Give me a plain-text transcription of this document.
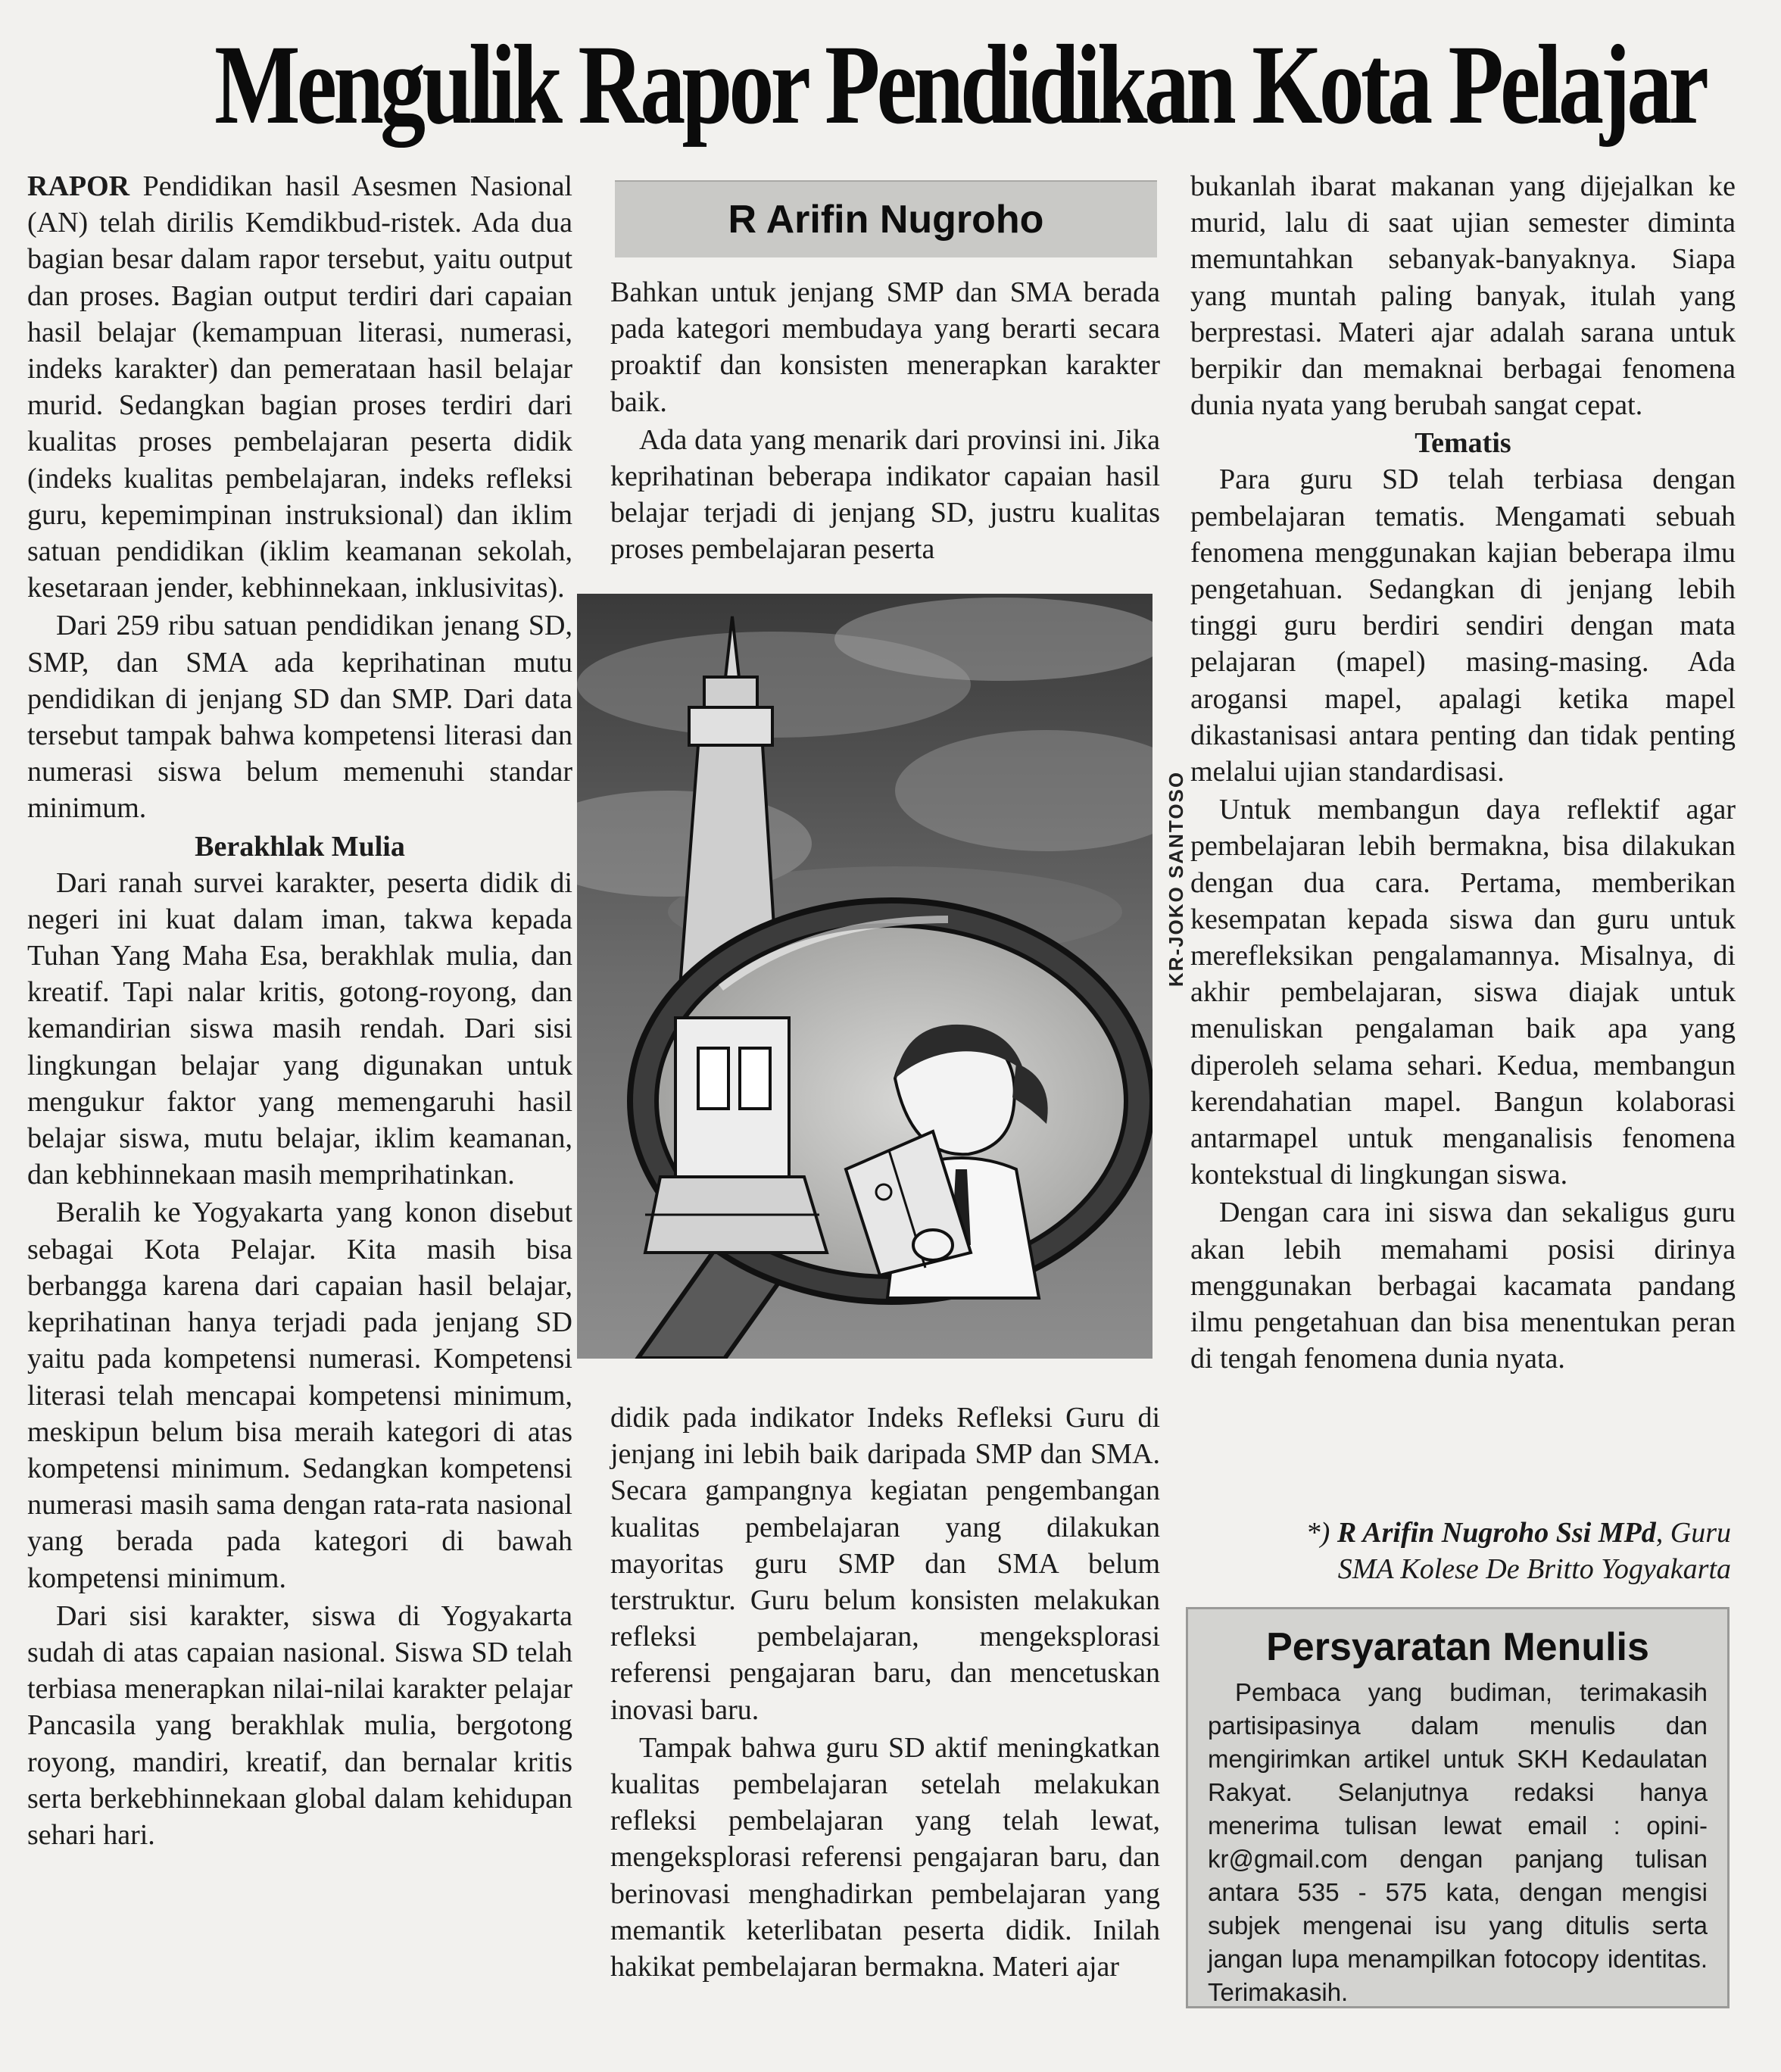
Mengulik Rapor Pendidikan Kota Pelajar

RAPOR Pendidikan hasil Asesmen Nasional (AN) telah dirilis Kemdikbud-ristek. Ada dua bagian besar dalam rapor tersebut, yaitu output dan proses. Bagian output terdiri dari capaian hasil belajar (kemampuan literasi, numerasi, indeks karakter) dan pemerataan hasil belajar murid. Sedangkan bagian proses terdiri dari kualitas proses pembelajaran peserta didik (indeks kualitas pembelajaran, indeks refleksi guru, kepemimpinan instruksional) dan iklim satuan pendidikan (iklim keamanan sekolah, kesetaraan jender, kebhinnekaan, inklusivitas).

Dari 259 ribu satuan pendidikan jenang SD, SMP, dan SMA ada keprihatinan mutu pendidikan di jenjang SD dan SMP. Dari data tersebut tampak bahwa kompetensi literasi dan numerasi siswa belum memenuhi standar minimum.

Berakhlak Mulia

Dari ranah survei karakter, peserta didik di negeri ini kuat dalam iman, takwa kepada Tuhan Yang Maha Esa, berakhlak mulia, dan kreatif. Tapi nalar kritis, gotong-royong, dan kemandirian siswa masih rendah. Dari sisi lingkungan belajar yang digunakan untuk mengukur faktor yang memengaruhi hasil belajar siswa, mutu belajar, iklim keamanan, dan kebhinnekaan masih memprihatinkan.

Beralih ke Yogyakarta yang konon disebut sebagai Kota Pelajar. Kita masih bisa berbangga karena dari capaian hasil belajar, keprihatinan hanya terjadi pada jenjang SD yaitu pada kompetensi numerasi. Kompetensi literasi telah mencapai kompetensi minimum, meskipun belum bisa meraih kategori di atas kompetensi minimum. Sedangkan kompetensi numerasi masih sama dengan rata-rata nasional yang berada pada kategori di bawah kompetensi minimum.

Dari sisi karakter, siswa di Yogyakarta sudah di atas capaian nasional. Siswa SD telah terbiasa menerapkan nilai-nilai karakter pelajar Pancasila yang berakhlak mulia, bergotong royong, mandiri, kreatif, dan bernalar kritis serta berkebhinnekaan global dalam kehidupan sehari hari.

R Arifin Nugroho

Bahkan untuk jenjang SMP dan SMA berada pada kategori membudaya yang berarti secara proaktif dan konsisten menerapkan karakter baik.

Ada data yang menarik dari provinsi ini. Jika keprihatinan beberapa indikator capaian hasil belajar terjadi di jenjang SD, justru kualitas proses pembelajaran peserta

KR-JOKO SANTOSO

didik pada indikator Indeks Refleksi Guru di jenjang ini lebih baik daripada SMP dan SMA. Secara gampangnya kegiatan pengembangan kualitas pembelajaran yang dilakukan mayoritas guru SMP dan SMA belum terstruktur. Guru belum konsisten melakukan refleksi pembelajaran, mengeksplorasi referensi pengajaran baru, dan mencetuskan inovasi baru.

Tampak bahwa guru SD aktif meningkatkan kualitas pembelajaran setelah melakukan refleksi pembelajaran yang telah lewat, mengeksplorasi referensi pengajaran baru, dan berinovasi menghadirkan pembelajaran yang memantik keterlibatan peserta didik. Inilah hakikat pembelajaran bermakna. Materi ajar

bukanlah ibarat makanan yang dijejalkan ke murid, lalu di saat ujian semester diminta memuntahkan sebanyak-banyaknya. Siapa yang muntah paling banyak, itulah yang berprestasi. Materi ajar adalah sarana untuk berpikir dan memaknai berbagai fenomena dunia nyata yang berubah sangat cepat.

Tematis

Para guru SD telah terbiasa dengan pembelajaran tematis. Mengamati sebuah fenomena menggunakan kajian beberapa ilmu pengetahuan. Sedangkan di jenjang lebih tinggi guru berdiri sendiri dengan mata pelajaran (mapel) masing-masing. Ada arogansi mapel, apalagi ketika mapel dikastanisasi antara penting dan tidak penting melalui ujian standardisasi.

Untuk membangun daya reflektif agar pembelajaran lebih bermakna, bisa dilakukan dengan dua cara. Pertama, memberikan kesempatan kepada siswa dan guru untuk merefleksikan pengalamannya. Misalnya, di akhir pembelajaran, siswa diajak untuk menuliskan pengalaman baik apa yang diperoleh selama sehari. Kedua, membangun kerendahatian mapel. Bangun kolaborasi antarmapel untuk menganalisis fenomena kontekstual di lingkungan siswa.

Dengan cara ini siswa dan sekaligus guru akan lebih memahami posisi dirinya menggunakan berbagai kacamata pandang ilmu pengetahuan dan bisa menentukan peran di tengah fenomena dunia nyata.

*) R Arifin Nugroho Ssi MPd, Guru
SMA Kolese De Britto Yogyakarta
Persyaratan Menulis

Pembaca yang budiman, terimakasih partisipasinya dalam menulis dan mengirimkan artikel untuk SKH Kedaulatan Rakyat. Selanjutnya redaksi hanya menerima tulisan lewat email : opini-kr@gmail.com dengan panjang tulisan antara 535 - 575 kata, dengan mengisi subjek mengenai isu yang ditulis serta jangan lupa menampilkan fotocopy identitas. Terimakasih.
